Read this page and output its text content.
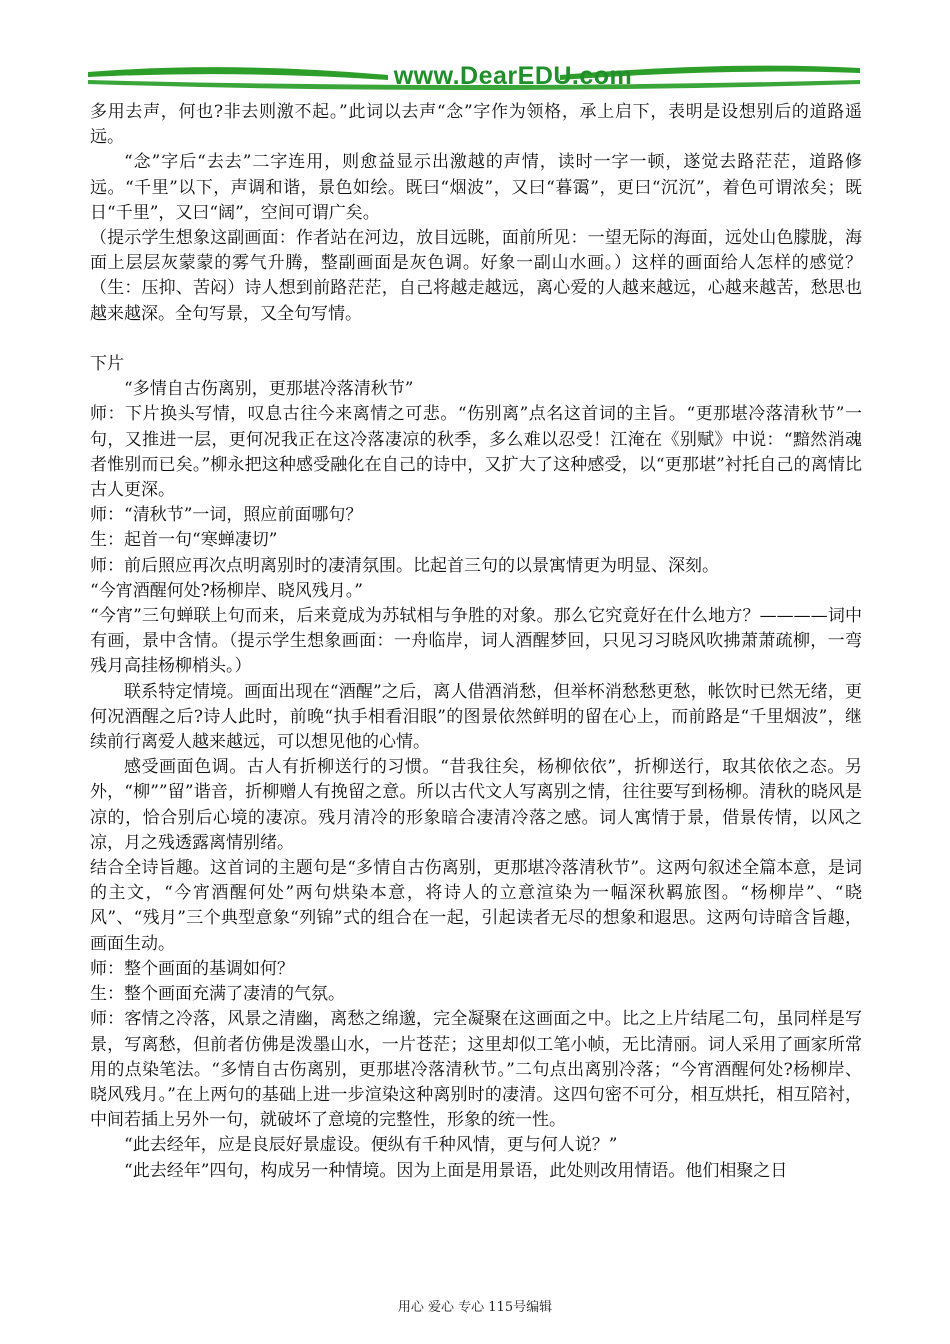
www.DearEDU.com

多用去声，何也?非去则激不起。”此词以去声“念”字作为领格，承上启下，表明是设想别后的道路遥远。

“念”字后“去去”二字连用，则愈益显示出激越的声情，读时一字一顿，遂觉去路茫茫，道路修远。“千里”以下，声调和谐，景色如绘。既曰“烟波”，又曰“暮霭”，更曰“沉沉”，着色可谓浓矣；既日“千里”，又曰“阔”，空间可谓广矣。

（提示学生想象这副画面：作者站在河边，放目远眺，面前所见：一望无际的海面，远处山色朦胧，海面上层层灰蒙蒙的雾气升腾，整副画面是灰色调。好象一副山水画。）这样的画面给人怎样的感觉？（生：压抑、苦闷）诗人想到前路茫茫，自己将越走越远，离心爱的人越来越远，心越来越苦，愁思也越来越深。全句写景，又全句写情。

下片

“多情自古伤离别，更那堪冷落清秋节”

师：下片换头写情，叹息古往今来离情之可悲。“伤别离”点名这首词的主旨。“更那堪冷落清秋节”一句，又推进一层，更何况我正在这冷落凄凉的秋季，多么难以忍受！江淹在《别赋》中说：“黯然消魂者惟别而已矣。”柳永把这种感受融化在自己的诗中，又扩大了这种感受，以“更那堪”衬托自己的离情比古人更深。

师：“清秋节”一词，照应前面哪句？

生：起首一句“寒蝉凄切”

师：前后照应再次点明离别时的凄清氛围。比起首三句的以景寓情更为明显、深刻。

“今宵酒醒何处?杨柳岸、晓风残月。”

“今宵”三句蝉联上句而来，后来竟成为苏轼相与争胜的对象。那么它究竟好在什么地方？————词中有画，景中含情。（提示学生想象画面：一舟临岸，词人酒醒梦回，只见习习晓风吹拂萧萧疏柳，一弯残月高挂杨柳梢头。）

联系特定情境。画面出现在“酒醒”之后，离人借酒消愁，但举杯消愁愁更愁，帐饮时已然无绪，更何况酒醒之后?诗人此时，前晚“执手相看泪眼”的图景依然鲜明的留在心上，而前路是“千里烟波”，继续前行离爱人越来越远，可以想见他的心情。

感受画面色调。古人有折柳送行的习惯。“昔我往矣，杨柳依依”，折柳送行，取其依依之态。另外，“柳””留”谐音，折柳赠人有挽留之意。所以古代文人写离别之情，往往要写到杨柳。清秋的晓风是凉的，恰合别后心境的凄凉。残月清冷的形象暗合凄清冷落之感。词人寓情于景，借景传情，以风之凉，月之残透露离情别绪。

结合全诗旨趣。这首词的主题句是“多情自古伤离别，更那堪冷落清秋节”。这两句叙述全篇本意，是词的主文，“今宵酒醒何处”两句烘染本意，将诗人的立意渲染为一幅深秋羁旅图。“杨柳岸”、“晓风”、“残月”三个典型意象“列锦”式的组合在一起，引起读者无尽的想象和遐思。这两句诗暗含旨趣，画面生动。

师：整个画面的基调如何？

生：整个画面充满了凄清的气氛。

师：客情之冷落，风景之清幽，离愁之绵邈，完全凝聚在这画面之中。比之上片结尾二句，虽同样是写景，写离愁，但前者仿佛是泼墨山水，一片苍茫；这里却似工笔小帧，无比清丽。词人采用了画家所常用的点染笔法。“多情自古伤离别，更那堪冷落清秋节。”二句点出离别冷落；“今宵酒醒何处?杨柳岸、晓风残月。”在上两句的基础上进一步渲染这种离别时的凄清。这四句密不可分，相互烘托，相互陪衬，中间若插上另外一句，就破坏了意境的完整性，形象的统一性。

“此去经年，应是良辰好景虚设。便纵有千种风情，更与何人说？”

“此去经年”四句，构成另一种情境。因为上面是用景语，此处则改用情语。他们相聚之日

用心 爱心 专心 115号编辑
